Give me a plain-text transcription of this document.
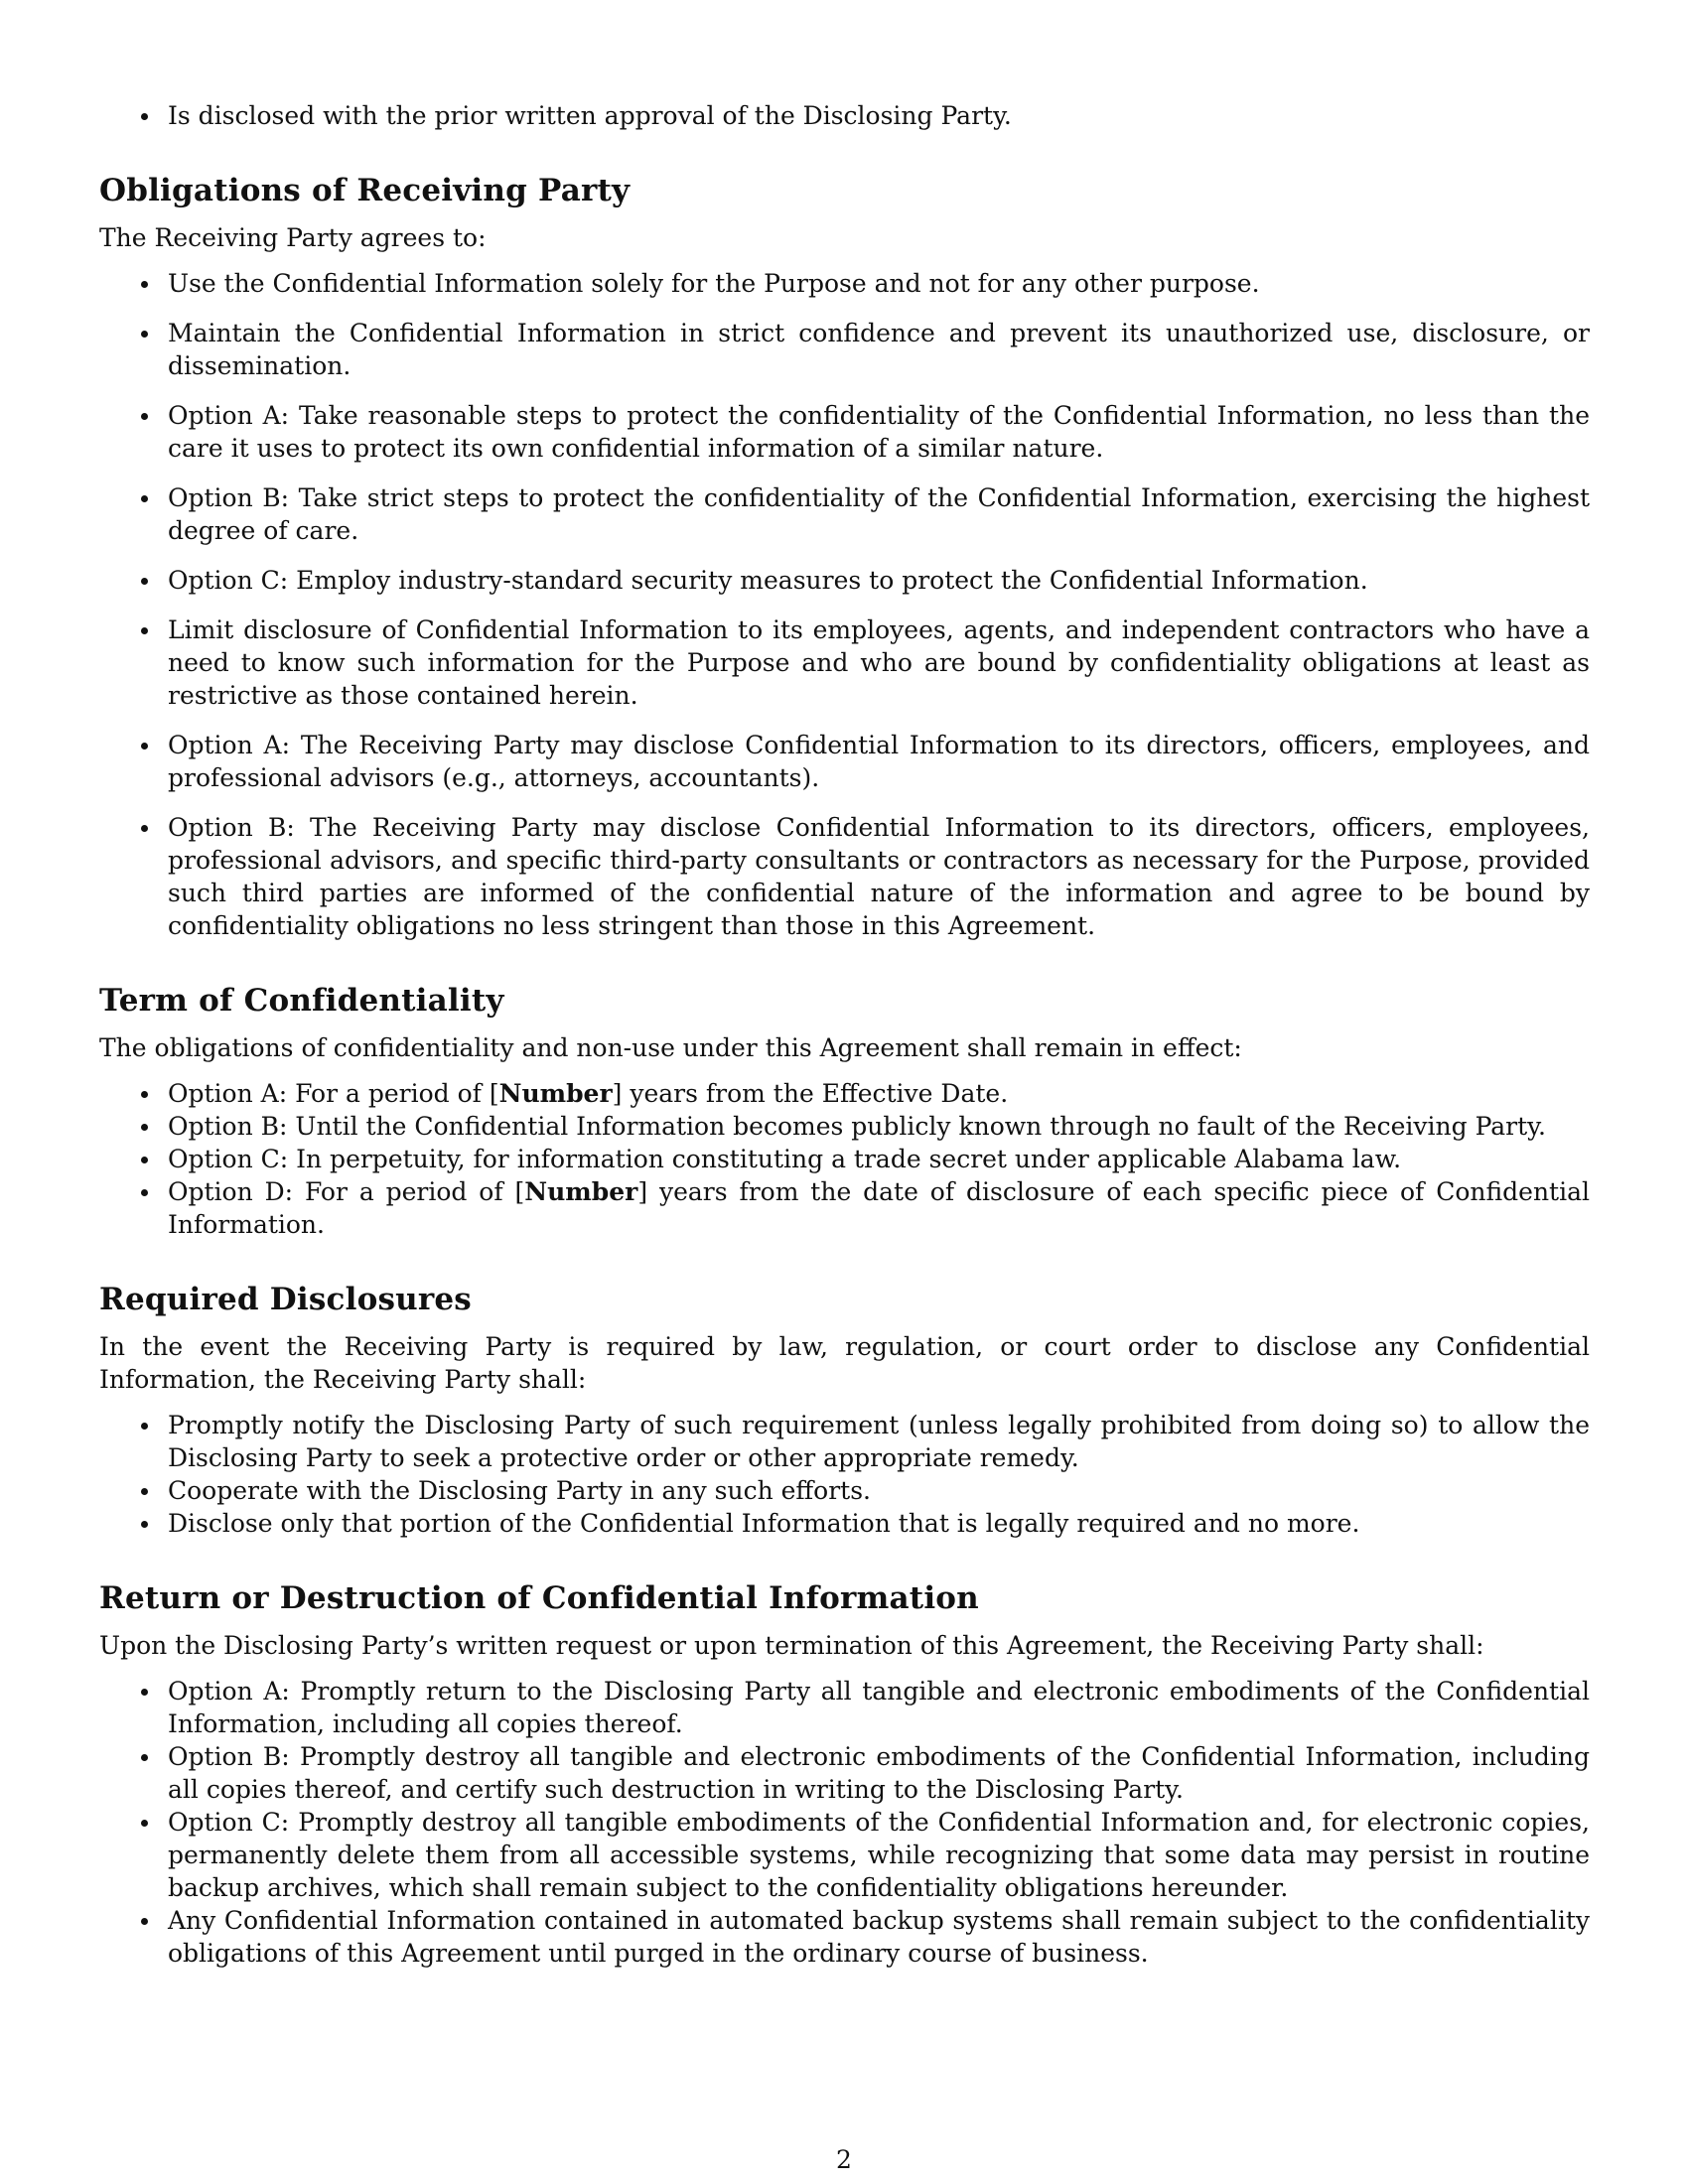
Is disclosed with the prior written approval of the Disclosing Party.
Obligations of Receiving Party

The Receiving Party agrees to:

Use the Confidential Information solely for the Purpose and not for any other purpose.
Maintain the Confidential Information in strict confidence and prevent its unauthorized use, disclosure, or dissemination.
Option A: Take reasonable steps to protect the confidentiality of the Confidential Information, no less than the care it uses to protect its own confidential information of a similar nature.
Option B: Take strict steps to protect the confidentiality of the Confidential Information, exercising the highest degree of care.
Option C: Employ industry-standard security measures to protect the Confidential Information.
Limit disclosure of Confidential Information to its employees, agents, and independent contractors who have a need to know such information for the Purpose and who are bound by confidentiality obligations at least as restrictive as those contained herein.
Option A: The Receiving Party may disclose Confidential Information to its directors, officers, employees, and professional advisors (e.g., attorneys, accountants).
Option B: The Receiving Party may disclose Confidential Information to its directors, officers, employees, professional advisors, and specific third-party consultants or contractors as necessary for the Purpose, provided such third parties are informed of the confidential nature of the information and agree to be bound by confidentiality obligations no less stringent than those in this Agreement.
Term of Confidentiality

The obligations of confidentiality and non-use under this Agreement shall remain in effect:

Option A: For a period of [Number] years from the Effective Date.
Option B: Until the Confidential Information becomes publicly known through no fault of the Receiving Party.
Option C: In perpetuity, for information constituting a trade secret under applicable Alabama law.
Option D: For a period of [Number] years from the date of disclosure of each specific piece of Confidential Information.
Required Disclosures

In the event the Receiving Party is required by law, regulation, or court order to disclose any Confidential Information, the Receiving Party shall:

Promptly notify the Disclosing Party of such requirement (unless legally prohibited from doing so) to allow the Disclosing Party to seek a protective order or other appropriate remedy.
Cooperate with the Disclosing Party in any such efforts.
Disclose only that portion of the Confidential Information that is legally required and no more.
Return or Destruction of Confidential Information

Upon the Disclosing Party’s written request or upon termination of this Agreement, the Receiving Party shall:

Option A: Promptly return to the Disclosing Party all tangible and electronic embodiments of the Confidential Information, including all copies thereof.
Option B: Promptly destroy all tangible and electronic embodiments of the Confidential Information, including all copies thereof, and certify such destruction in writing to the Disclosing Party.
Option C: Promptly destroy all tangible embodiments of the Confidential Information and, for electronic copies, permanently delete them from all accessible systems, while recognizing that some data may persist in routine backup archives, which shall remain subject to the confidentiality obligations hereunder.
Any Confidential Information contained in automated backup systems shall remain subject to the confidentiality obligations of this Agreement until purged in the ordinary course of business.
2
